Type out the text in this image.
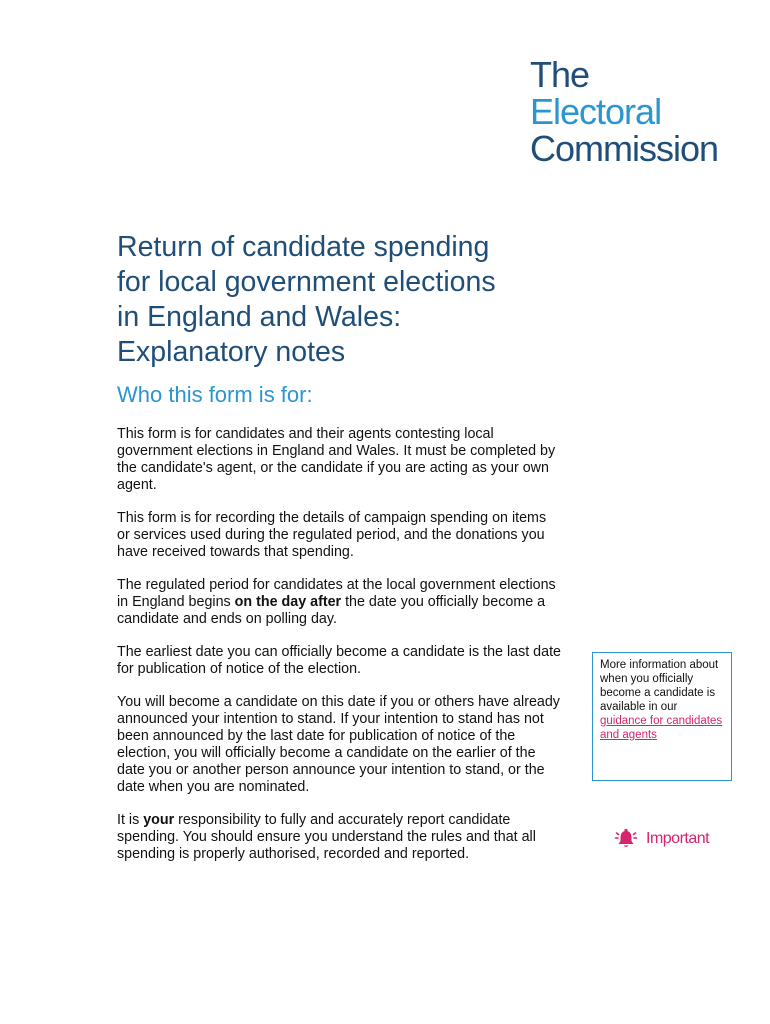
The
Electoral
Commission
Return of candidate spending
for local government elections
in England and Wales:
Explanatory notes
Who this form is for:

This form is for candidates and their agents contesting local government elections in England and Wales. It must be completed by the candidate's agent, or the candidate if you are acting as your own agent.

This form is for recording the details of campaign spending on items or services used during the regulated period, and the donations you have received towards that spending.

The regulated period for candidates at the local government elections in England begins on the day after the date you officially become a candidate and ends on polling day.

The earliest date you can officially become a candidate is the last date for publication of notice of the election.

You will become a candidate on this date if you or others have already announced your intention to stand. If your intention to stand has not been announced by the last date for publication of notice of the election, you will officially become a candidate on the earlier of the date you or another person announce your intention to stand, or the date when you are nominated.

It is your responsibility to fully and accurately report candidate spending. You should ensure you understand the rules and that all spending is properly authorised, recorded and reported.

More information about when you officially become a candidate is available in our guidance for candidates and agents
Important
